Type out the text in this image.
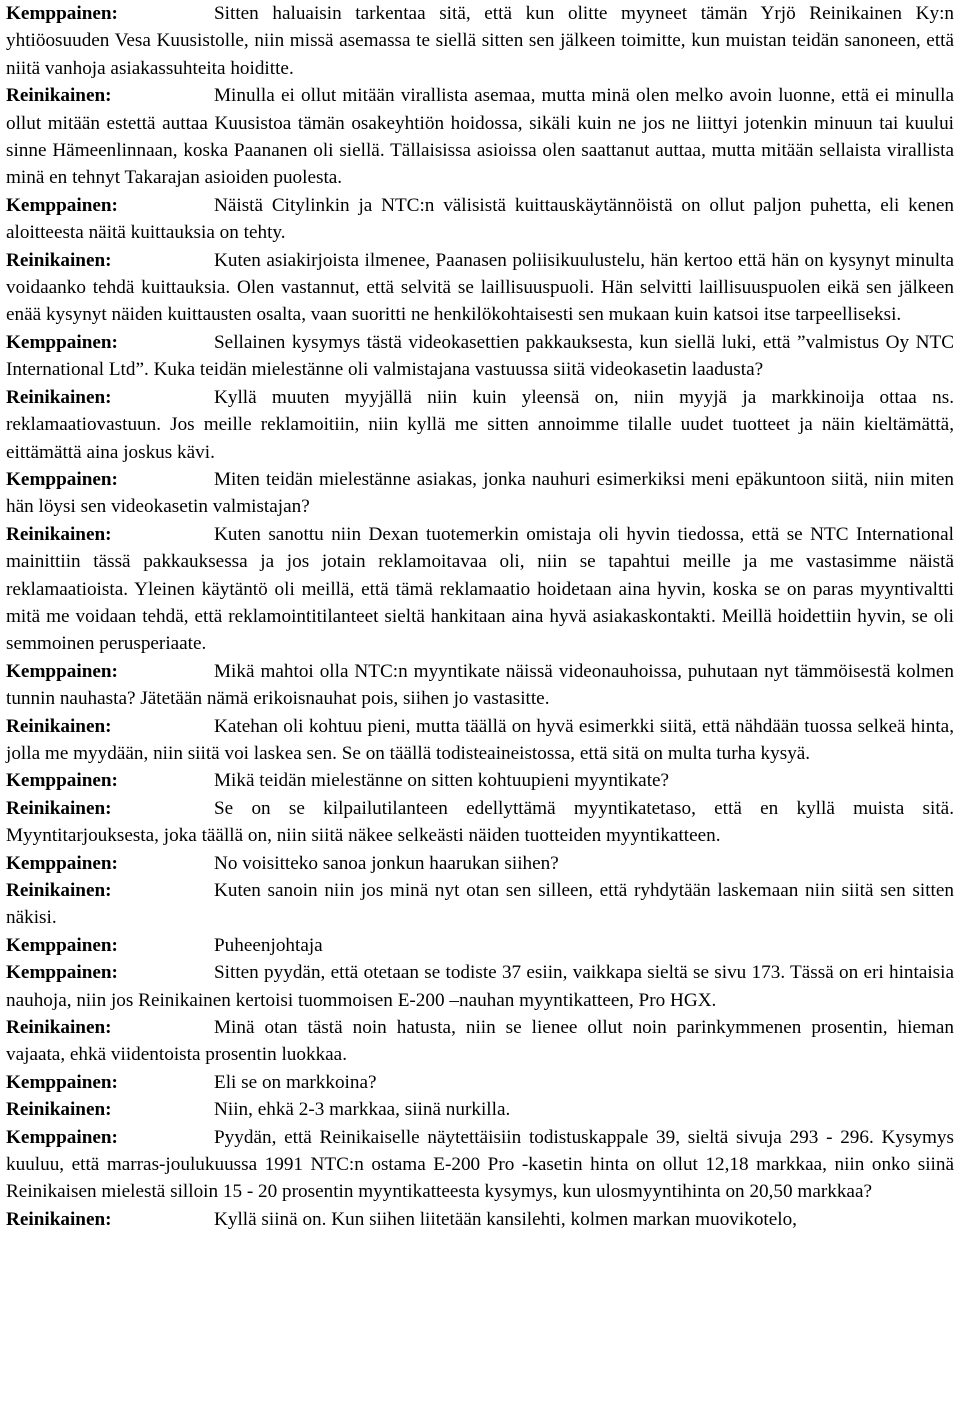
Kemppainen:	Sitten haluaisin tarkentaa sitä, että kun olitte myyneet tämän Yrjö Reinikainen Ky:n yhtiöosuuden Vesa Kuusistolle, niin missä asemassa te siellä sitten sen jälkeen toimitte, kun muistan teidän sanoneen, että niitä vanhoja asiakassuhteita hoiditte.

Reinikainen:	Minulla ei ollut mitään virallista asemaa, mutta minä olen melko avoin luonne, että ei minulla ollut mitään estettä auttaa Kuusistoa tämän osakeyhtiön hoidossa, sikäli kuin ne jos ne liittyi jotenkin minuun tai kuului sinne Hämeenlinnaan, koska Paananen oli siellä. Tällaisissa asioissa olen saattanut auttaa, mutta mitään sellaista virallista minä en tehnyt Takarajan asioiden puolesta.

Kemppainen:	Näistä Citylinkin ja NTC:n välisistä kuittauskäytännöistä on ollut paljon puhetta, eli kenen aloitteesta näitä kuittauksia on tehty.

Reinikainen:	Kuten asiakirjoista ilmenee, Paanasen poliisikuulustelu, hän kertoo että hän on kysynyt minulta voidaanko tehdä kuittauksia. Olen vastannut, että selvitä se laillisuuspuoli. Hän selvitti laillisuuspuolen eikä sen jälkeen enää kysynyt näiden kuittausten osalta, vaan suoritti ne henkilökohtaisesti sen mukaan kuin katsoi itse tarpeelliseksi.

Kemppainen:	Sellainen kysymys tästä videokasettien pakkauksesta, kun siellä luki, että ”valmistus Oy NTC International Ltd”. Kuka teidän mielestänne oli valmistajana vastuussa siitä videokasetin laadusta?

Reinikainen:	Kyllä muuten myyjällä niin kuin yleensä on, niin myyjä ja markkinoija ottaa ns. reklamaatiovastuun. Jos meille reklamoitiin, niin kyllä me sitten annoimme tilalle uudet tuotteet ja näin kieltämättä, eittämättä aina joskus kävi.

Kemppainen:	Miten teidän mielestänne asiakas, jonka nauhuri esimerkiksi meni epäkuntoon siitä, niin miten hän löysi sen videokasetin valmistajan?

Reinikainen:	Kuten sanottu niin Dexan tuotemerkin omistaja oli hyvin tiedossa, että se NTC International mainittiin tässä pakkauksessa ja jos jotain reklamoitavaa oli, niin se tapahtui meille ja me vastasimme näistä reklamaatioista. Yleinen käytäntö oli meillä, että tämä reklamaatio hoidetaan aina hyvin, koska se on paras myyntivaltti mitä me voidaan tehdä, että reklamointitilanteet sieltä hankitaan aina hyvä asiakaskontakti. Meillä hoidettiin hyvin, se oli semmoinen perusperiaate.

Kemppainen:	Mikä mahtoi olla NTC:n myyntikate näissä videonauhoissa, puhutaan nyt tämmöisestä kolmen tunnin nauhasta? Jätetään nämä erikoisnauhat pois, siihen jo vastasitte.

Reinikainen:	Katehan oli kohtuu pieni, mutta täällä on hyvä esimerkki siitä, että nähdään tuossa selkeä hinta, jolla me myydään, niin siitä voi laskea sen. Se on täällä todisteaineistossa, että sitä on multa turha kysyä.

Kemppainen:	Mikä teidän mielestänne on sitten kohtuupieni myyntikate?

Reinikainen:	Se on se kilpailutilanteen edellyttämä myyntikatetaso, että en kyllä muista sitä. Myyntitarjouksesta, joka täällä on, niin siitä näkee selkeästi näiden tuotteiden myyntikatteen.

Kemppainen:	No voisitteko sanoa jonkun haarukan siihen?

Reinikainen:	Kuten sanoin niin jos minä nyt otan sen silleen, että ryhdytään laskemaan niin siitä sen sitten näkisi.

Kemppainen:	Puheenjohtaja

Kemppainen:	Sitten pyydän, että otetaan se todiste 37 esiin, vaikkapa sieltä se sivu 173. Tässä on eri hintaisia nauhoja, niin jos Reinikainen kertoisi tuommoisen E-200 –nauhan myyntikatteen, Pro HGX.

Reinikainen:	Minä otan tästä noin hatusta, niin se lienee ollut noin parinkymmenen prosentin, hieman vajaata, ehkä viidentoista prosentin luokkaa.

Kemppainen:	Eli se on markkoina?

Reinikainen:	Niin, ehkä 2-3 markkaa, siinä nurkilla.

Kemppainen:	Pyydän, että Reinikaiselle näytettäisiin todistuskappale 39, sieltä sivuja 293 - 296. Kysymys kuuluu, että marras-joulukuussa 1991 NTC:n ostama E-200 Pro -kasetin hinta on ollut 12,18 markkaa, niin onko siinä Reinikaisen mielestä silloin 15 - 20 prosentin myyntikatteesta kysymys, kun ulosmyyntihinta on 20,50 markkaa?

Reinikainen:	Kyllä siinä on. Kun siihen liitetään kansilehti, kolmen markan muovikotelo,
